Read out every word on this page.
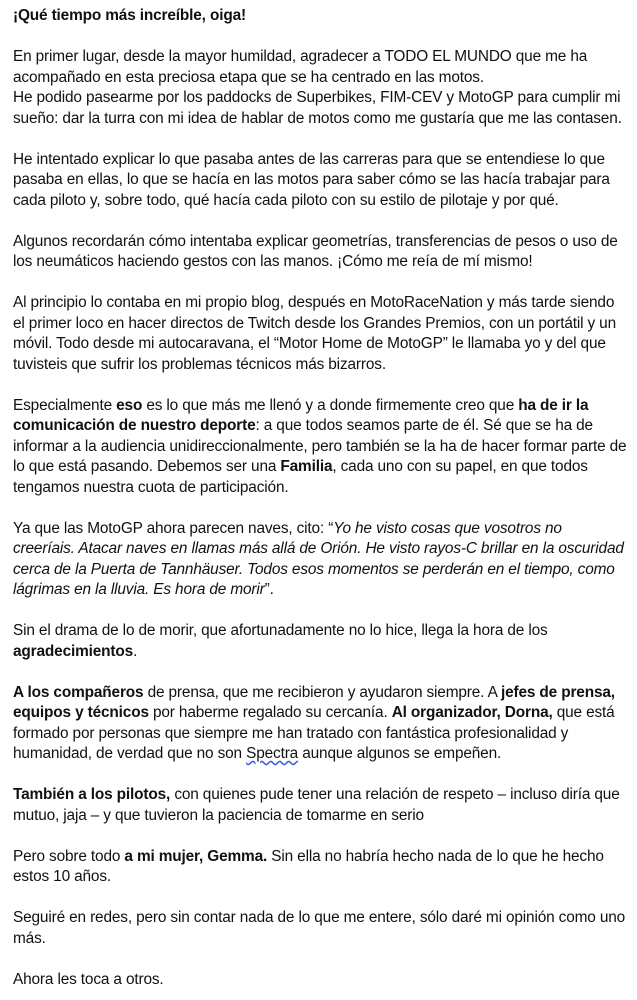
¡Qué tiempo más increíble, oiga!

En primer lugar, desde la mayor humildad, agradecer a TODO EL MUNDO que me ha acompañado en esta preciosa etapa que se ha centrado en las motos.
He podido pasearme por los paddocks de Superbikes, FIM-CEV y MotoGP para cumplir mi sueño: dar la turra con mi idea de hablar de motos como me gustaría que me las contasen.

He intentado explicar lo que pasaba antes de las carreras para que se entendiese lo que pasaba en ellas, lo que se hacía en las motos para saber cómo se las hacía trabajar para cada piloto y, sobre todo, qué hacía cada piloto con su estilo de pilotaje y por qué.

Algunos recordarán cómo intentaba explicar geometrías, transferencias de pesos o uso de los neumáticos haciendo gestos con las manos. ¡Cómo me reía de mí mismo!

Al principio lo contaba en mi propio blog, después en MotoRaceNation y más tarde siendo el primer loco en hacer directos de Twitch desde los Grandes Premios, con un portátil y un móvil. Todo desde mi autocaravana, el “Motor Home de MotoGP” le llamaba yo y del que tuvisteis que sufrir los problemas técnicos más bizarros.

Especialmente eso es lo que más me llenó y a donde firmemente creo que ha de ir la comunicación de nuestro deporte: a que todos seamos parte de él. Sé que se ha de informar a la audiencia unidireccionalmente, pero también se la ha de hacer formar parte de lo que está pasando. Debemos ser una Familia, cada uno con su papel, en que todos tengamos nuestra cuota de participación.

Ya que las MotoGP ahora parecen naves, cito: “Yo he visto cosas que vosotros no creeríais. Atacar naves en llamas más allá de Orión. He visto rayos-C brillar en la oscuridad cerca de la Puerta de Tannhäuser. Todos esos momentos se perderán en el tiempo, como lágrimas en la lluvia. Es hora de morir”.

Sin el drama de lo de morir, que afortunadamente no lo hice, llega la hora de los agradecimientos.

A los compañeros de prensa, que me recibieron y ayudaron siempre. A jefes de prensa, equipos y técnicos por haberme regalado su cercanía. Al organizador, Dorna, que está formado por personas que siempre me han tratado con fantástica profesionalidad y humanidad, de verdad que no son Spectra aunque algunos se empeñen.

También a los pilotos, con quienes pude tener una relación de respeto – incluso diría que mutuo, jaja – y que tuvieron la paciencia de tomarme en serio

Pero sobre todo a mi mujer, Gemma. Sin ella no habría hecho nada de lo que he hecho estos 10 años.

Seguiré en redes, pero sin contar nada de lo que me entere, sólo daré mi opinión como uno más.

Ahora les toca a otros.
